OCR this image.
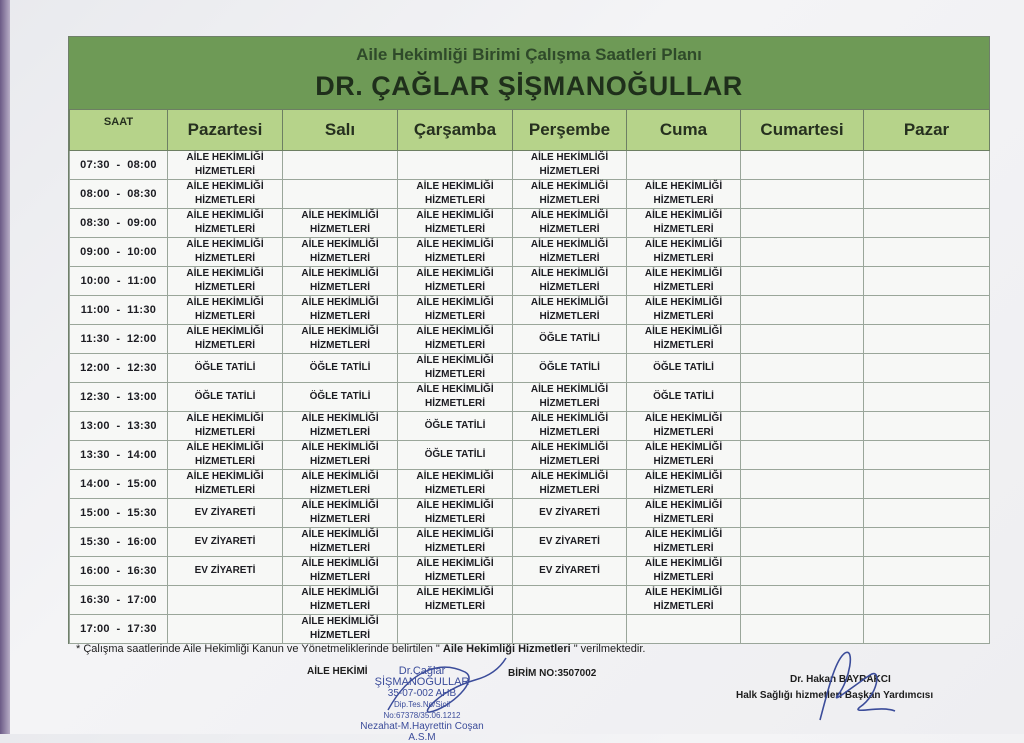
Aile Hekimliği Birimi Çalışma Saatleri Planı
DR. ÇAĞLAR ŞİŞMANOĞULLAR
SAAT	Pazartesi	Salı	Çarşamba	Perşembe	Cuma	Cumartesi	Pazar
07:30  -  08:00	AİLE HEKİMLİĞİ HİZMETLERİ			AİLE HEKİMLİĞİ HİZMETLERİ			

08:00  -  08:30	AİLE HEKİMLİĞİ HİZMETLERİ		AİLE HEKİMLİĞİ HİZMETLERİ	AİLE HEKİMLİĞİ HİZMETLERİ	AİLE HEKİMLİĞİ HİZMETLERİ		

08:30  -  09:00	AİLE HEKİMLİĞİ HİZMETLERİ	AİLE HEKİMLİĞİ HİZMETLERİ	AİLE HEKİMLİĞİ HİZMETLERİ	AİLE HEKİMLİĞİ HİZMETLERİ	AİLE HEKİMLİĞİ HİZMETLERİ		

09:00  -  10:00	AİLE HEKİMLİĞİ HİZMETLERİ	AİLE HEKİMLİĞİ HİZMETLERİ	AİLE HEKİMLİĞİ HİZMETLERİ	AİLE HEKİMLİĞİ HİZMETLERİ	AİLE HEKİMLİĞİ HİZMETLERİ		

10:00  -  11:00	AİLE HEKİMLİĞİ HİZMETLERİ	AİLE HEKİMLİĞİ HİZMETLERİ	AİLE HEKİMLİĞİ HİZMETLERİ	AİLE HEKİMLİĞİ HİZMETLERİ	AİLE HEKİMLİĞİ HİZMETLERİ		

11:00  -  11:30	AİLE HEKİMLİĞİ HİZMETLERİ	AİLE HEKİMLİĞİ HİZMETLERİ	AİLE HEKİMLİĞİ HİZMETLERİ	AİLE HEKİMLİĞİ HİZMETLERİ	AİLE HEKİMLİĞİ HİZMETLERİ		

11:30  -  12:00	AİLE HEKİMLİĞİ HİZMETLERİ	AİLE HEKİMLİĞİ HİZMETLERİ	AİLE HEKİMLİĞİ HİZMETLERİ	ÖĞLE TATİLİ	AİLE HEKİMLİĞİ HİZMETLERİ		

12:00  -  12:30	ÖĞLE TATİLİ	ÖĞLE TATİLİ	AİLE HEKİMLİĞİ HİZMETLERİ	ÖĞLE TATİLİ	ÖĞLE TATİLİ		

12:30  -  13:00	ÖĞLE TATİLİ	ÖĞLE TATİLİ	AİLE HEKİMLİĞİ HİZMETLERİ	AİLE HEKİMLİĞİ HİZMETLERİ	ÖĞLE TATİLİ		

13:00  -  13:30	AİLE HEKİMLİĞİ HİZMETLERİ	AİLE HEKİMLİĞİ HİZMETLERİ	ÖĞLE TATİLİ	AİLE HEKİMLİĞİ HİZMETLERİ	AİLE HEKİMLİĞİ HİZMETLERİ		

13:30  -  14:00	AİLE HEKİMLİĞİ HİZMETLERİ	AİLE HEKİMLİĞİ HİZMETLERİ	ÖĞLE TATİLİ	AİLE HEKİMLİĞİ HİZMETLERİ	AİLE HEKİMLİĞİ HİZMETLERİ		

14:00  -  15:00	AİLE HEKİMLİĞİ HİZMETLERİ	AİLE HEKİMLİĞİ HİZMETLERİ	AİLE HEKİMLİĞİ HİZMETLERİ	AİLE HEKİMLİĞİ HİZMETLERİ	AİLE HEKİMLİĞİ HİZMETLERİ		

15:00  -  15:30	EV ZİYARETİ	AİLE HEKİMLİĞİ HİZMETLERİ	AİLE HEKİMLİĞİ HİZMETLERİ	EV ZİYARETİ	AİLE HEKİMLİĞİ HİZMETLERİ		

15:30  -  16:00	EV ZİYARETİ	AİLE HEKİMLİĞİ HİZMETLERİ	AİLE HEKİMLİĞİ HİZMETLERİ	EV ZİYARETİ	AİLE HEKİMLİĞİ HİZMETLERİ		

16:00  -  16:30	EV ZİYARETİ	AİLE HEKİMLİĞİ HİZMETLERİ	AİLE HEKİMLİĞİ HİZMETLERİ	EV ZİYARETİ	AİLE HEKİMLİĞİ HİZMETLERİ		

16:30  -  17:00		AİLE HEKİMLİĞİ HİZMETLERİ	AİLE HEKİMLİĞİ HİZMETLERİ		AİLE HEKİMLİĞİ HİZMETLERİ		

17:00  -  17:30		AİLE HEKİMLİĞİ HİZMETLERİ					

* Çalışma saatlerinde Aile Hekimliği Kanun ve Yönetmeliklerinde belirtilen " Aile Hekimliği Hizmetleri " verilmektedir.
AİLE HEKİMİ	Dr.Çağlar ŞİŞMANOĞULLAR
35-07-002 AHB
Dip.Tes.No/Sicil No:67378/35.06.1212
Nezahat-M.Hayrettin Coşan A.S.M
BİRİM NO:3507002
Dr. Hakan BAYRAKCI
Halk Sağlığı hizmetleri Başkan Yardımcısı
